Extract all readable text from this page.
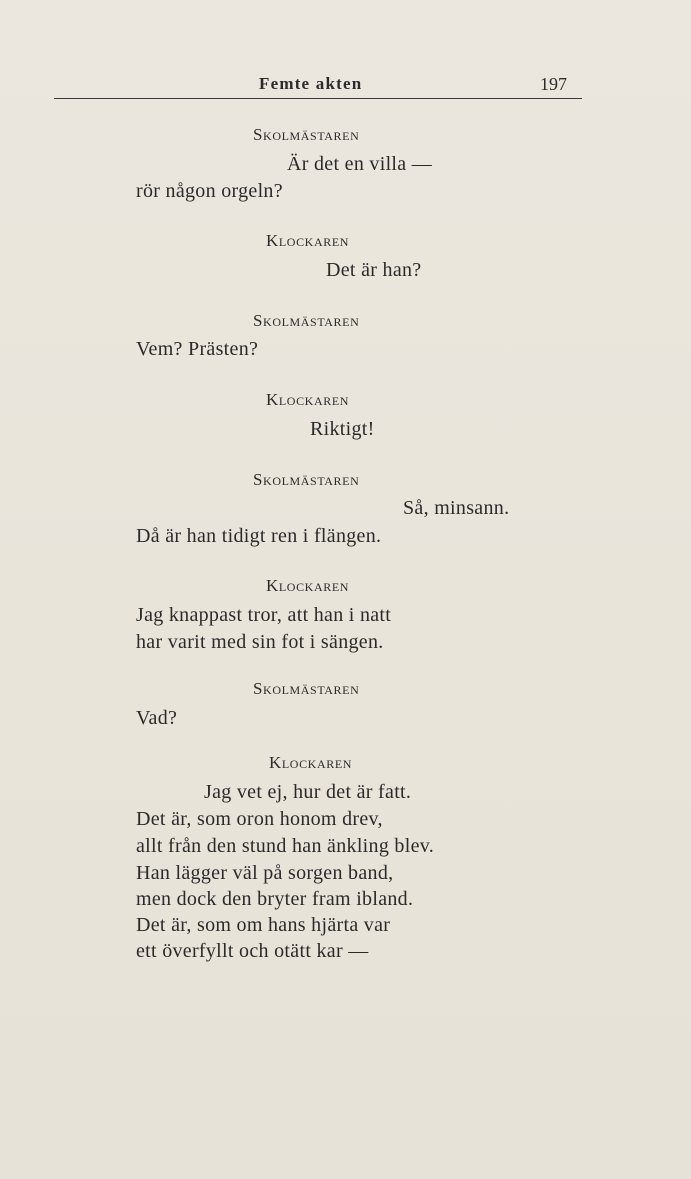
Femte akten	197
Skolmästaren
Är det en villa —
rör någon orgeln?
Klockaren
Det är han?
Skolmästaren
Vem? Prästen?
Klockaren
Riktigt!
Skolmästaren
Så, minsann.
Då är han tidigt ren i flängen.
Klockaren
Jag knappast tror, att han i natt
har varit med sin fot i sängen.
Skolmästaren
Vad?
Klockaren
Jag vet ej, hur det är fatt.
Det är, som oron honom drev,
allt från den stund han änkling blev.
Han lägger väl på sorgen band,
men dock den bryter fram ibland.
Det är, som om hans hjärta var
ett överfyllt och otätt kar —
